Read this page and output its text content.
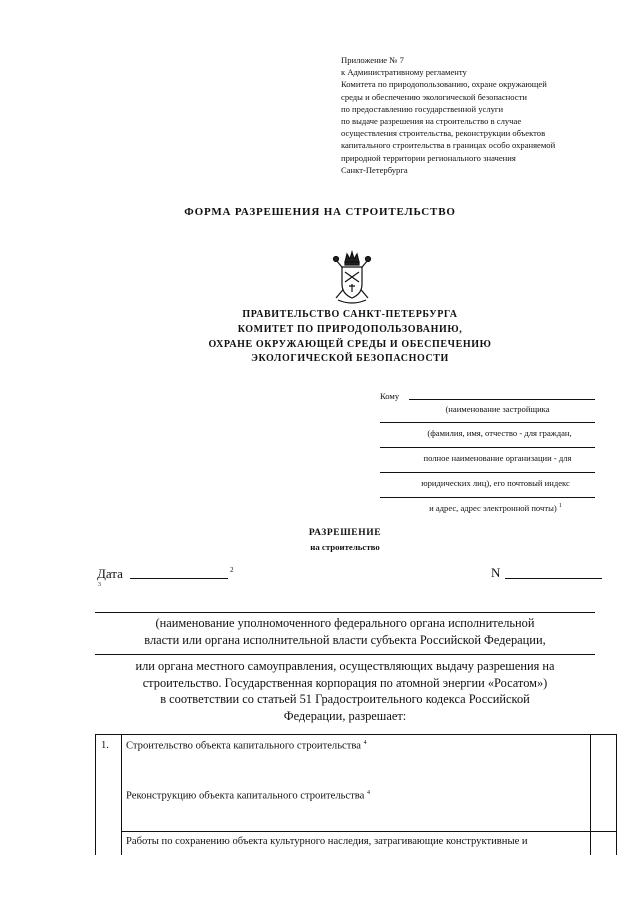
Приложение № 7
к Административному регламенту
Комитета по природопользованию, охране окружающей
среды и обеспечению экологической безопасности
по предоставлению государственной услуги
по выдаче разрешения на строительство в случае
осуществления строительства, реконструкции объектов
капитального строительства в границах особо охраняемой
природной территории регионального значения
Санкт-Петербурга
ФОРМА РАЗРЕШЕНИЯ НА СТРОИТЕЛЬСТВО
ПРАВИТЕЛЬСТВО САНКТ-ПЕТЕРБУРГА
КОМИТЕТ ПО ПРИРОДОПОЛЬЗОВАНИЮ,
ОХРАНЕ ОКРУЖАЮЩЕЙ СРЕДЫ И ОБЕСПЕЧЕНИЮ
ЭКОЛОГИЧЕСКОЙ БЕЗОПАСНОСТИ
Кому
(наименование застройщика
(фамилия, имя, отчество - для граждан,
полное наименование организации - для
юридических лиц), его почтовый индекс
и адрес, адрес электронной почты) $^1$
РАЗРЕШЕНИЕ
на строительство
Дата	2
3
N
(наименование уполномоченного федерального органа исполнительной
власти или органа исполнительной власти субъекта Российской Федерации,
или органа местного самоуправления, осуществляющих выдачу разрешения на
строительство. Государственная корпорация по атомной энергии «Росатом»)
в соответствии со статьей 51 Градостроительного кодекса Российской
Федерации, разрешает:
1. Строительство объекта капитального строительства $^4$
Реконструкцию объекта капитального строительства $^4$
Работы по сохранению объекта культурного наследия, затрагивающие конструктивные и
